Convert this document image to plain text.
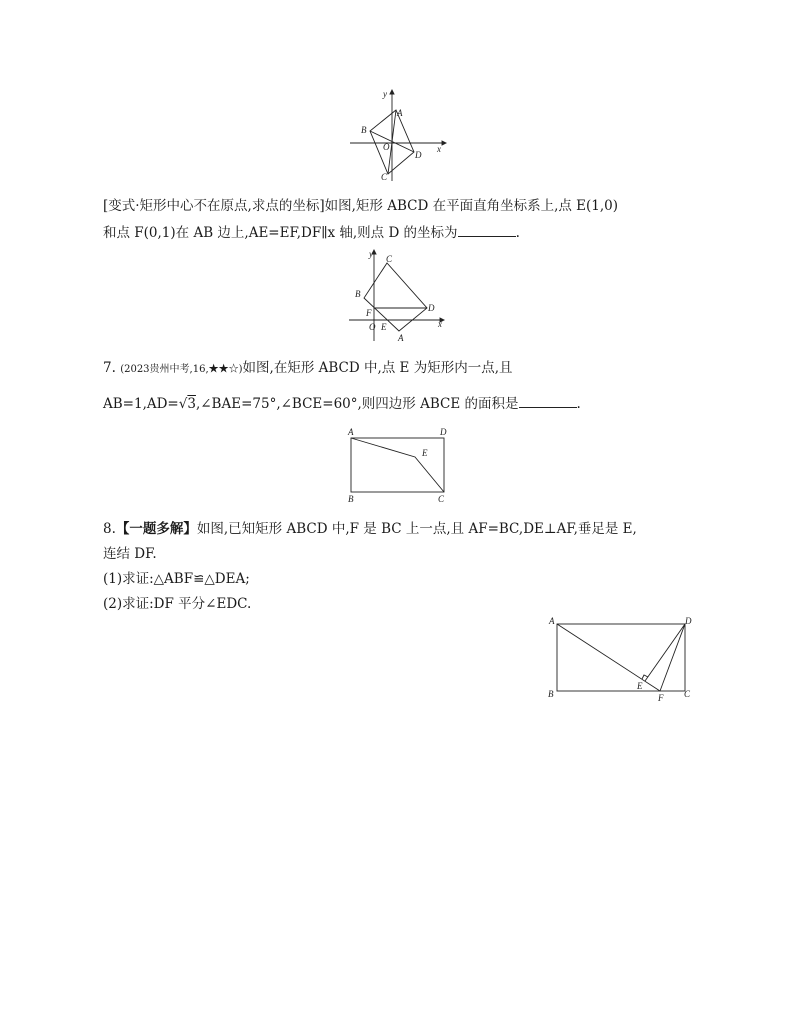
y
x
A
B
O
D
C
[变式·矩形中心不在原点,求点的坐标]如图,矩形 ABCD 在平面直角坐标系上,点 E(1,0)
和点 F(0,1)在 AB 边上,AE=EF,DF∥x 轴,则点 D 的坐标为	.
y
x
C
B
F	D
O E
A
7. (2023贵州中考,16,★★☆)如图,在矩形 ABCD 中,点 E 为矩形内一点,且
AB=1,AD=√3,∠BAE=75°,∠BCE=60°,则四边形 ABCE 的面积是	.
A	D
E
B	C
8.【一题多解】如图,已知矩形 ABCD 中,F 是 BC 上一点,且 AF=BC,DE⊥AF,垂足是 E,
连结 DF.
(1)求证:△ABF≌△DEA;
(2)求证:DF 平分∠EDC.
A	D
E
B	F C
